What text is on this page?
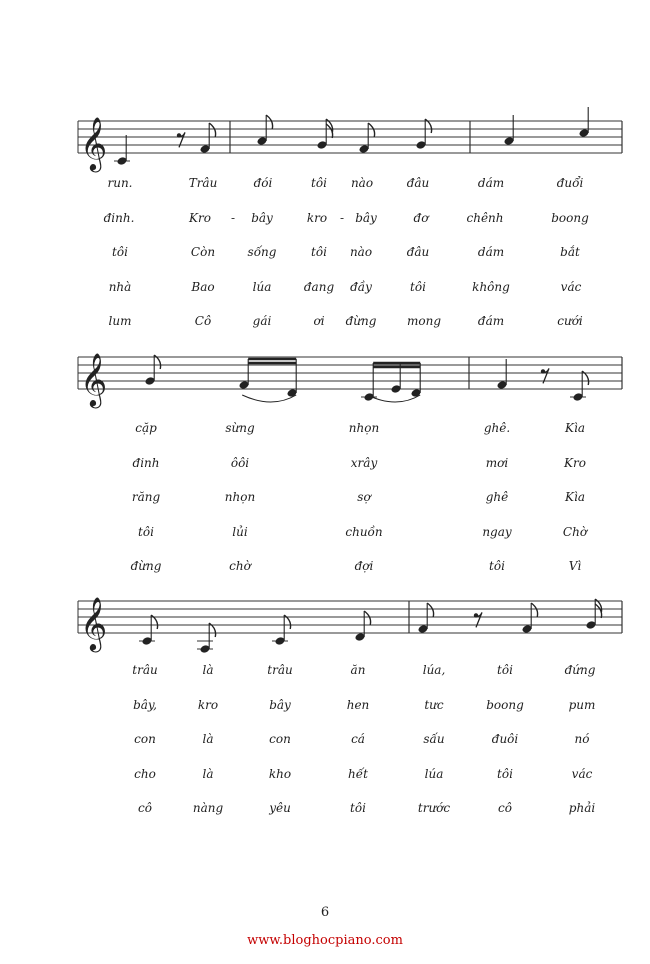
𝄞
run.	Trâu	đói	tôi nào	đâu	dám	đuổi
đinh.	Kro - bây	kro - bây	đơ	chênh	boong
tôi	Còn	sống	tôi nào	đâu	dám	bắt
nhà	Bao	lúa	đang đầy	tôi	không	vác
lum	Cô	gái	ơi đừng	mong	đám	cưới
𝄞
cặp	sừng	nhọn	ghê.	Kìa
đinh	ôôi	xrây	mơi	Kro
răng	nhọn	sợ	ghê	Kìa
tôi	lủi	chuồn	ngay	Chờ
đừng	chờ	đợi	tôi	Vì
𝄞
trâu	là	trâu	ăn	lúa,	tôi	đứng
bây,	kro	bây	hen	tưc	boong	pum
con	là	con	cá	sấu	đuôi	nó
cho	là	kho	hết	lúa	tôi	vác
cô	nàng	yêu	tôi	trước	cô	phải
6
www.bloghocpiano.com
